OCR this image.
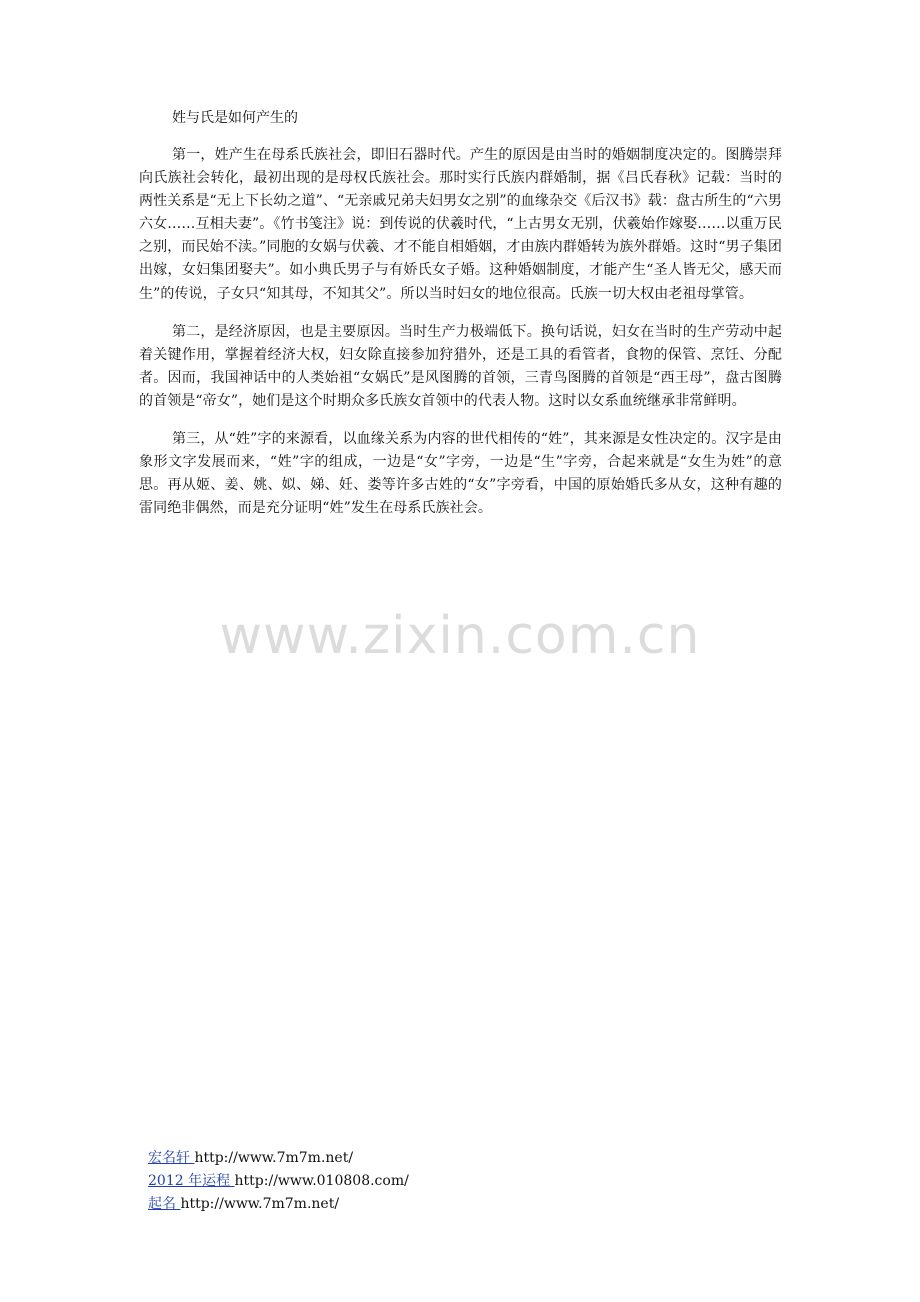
姓与氏是如何产生的

第一，姓产生在母系氏族社会，即旧石器时代。产生的原因是由当时的婚姻制度决定的。图腾崇拜向氏族社会转化，最初出现的是母权氏族社会。那时实行氏族内群婚制，据《吕氏春秋》记载：当时的两性关系是“无上下长幼之道”、“无亲戚兄弟夫妇男女之别”的血缘杂交《后汉书》载：盘古所生的“六男六女……互相夫妻”。《竹书笺注》说：到传说的伏羲时代，“上古男女无别，伏羲始作嫁娶……以重万民之别，而民始不渎。”同胞的女娲与伏羲、才不能自相婚姻，才由族内群婚转为族外群婚。这时“男子集团出嫁，女妇集团娶夫”。如小典氏男子与有娇氏女子婚。这种婚姻制度，才能产生“圣人皆无父，感天而生”的传说，子女只“知其母，不知其父”。所以当时妇女的地位很高。氏族一切大权由老祖母掌管。

第二，是经济原因，也是主要原因。当时生产力极端低下。换句话说，妇女在当时的生产劳动中起着关键作用，掌握着经济大权，妇女除直接参加狩猎外，还是工具的看管者，食物的保管、烹饪、分配者。因而，我国神话中的人类始祖“女娲氏”是风图腾的首领，三青鸟图腾的首领是“西王母”，盘古图腾的首领是“帝女”，她们是这个时期众多氏族女首领中的代表人物。这时以女系血统继承非常鲜明。

第三，从“姓”字的来源看，以血缘关系为内容的世代相传的“姓”，其来源是女性决定的。汉字是由象形文字发展而来，“姓”字的组成，一边是“女”字旁，一边是“生”字旁，合起来就是“女生为姓”的意思。再从姬、姜、姚、姒、娣、妊、娄等许多古姓的“女”字旁看，中国的原始婚氏多从女，这种有趣的雷同绝非偶然，而是充分证明“姓”发生在母系氏族社会。

www.zixin.com.cn
宏名轩 http://www.7m7m.net/
2012 年运程 http://www.010808.com/
起名 http://www.7m7m.net/
